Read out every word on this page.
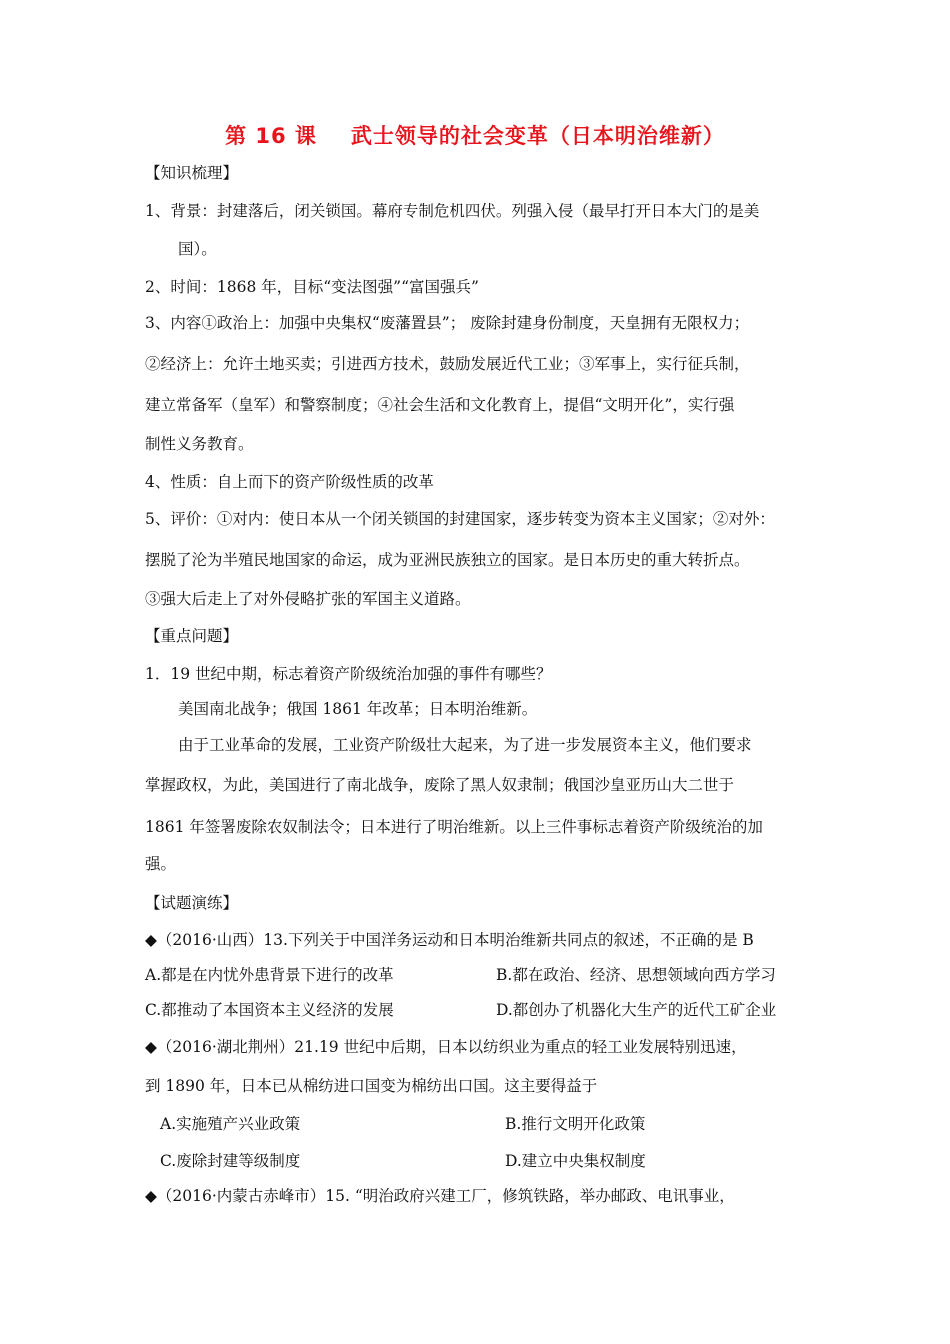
第 16 课 武士领导的社会变革（日本明治维新）
【知识梳理】
1、背景：封建落后，闭关锁国。幕府专制危机四伏。列强入侵（最早打开日本大门的是美
国）。
2、时间：1868 年，目标“变法图强”“富国强兵”
3、内容①政治上：加强中央集权“废藩置县”； 废除封建身份制度，天皇拥有无限权力；
②经济上：允许土地买卖；引进西方技术，鼓励发展近代工业；③军事上，实行征兵制，
建立常备军（皇军）和警察制度；④社会生活和文化教育上，提倡“文明开化”，实行强
制性义务教育。
4、性质：自上而下的资产阶级性质的改革
5、评价：①对内：使日本从一个闭关锁国的封建国家，逐步转变为资本主义国家；②对外：
摆脱了沦为半殖民地国家的命运，成为亚洲民族独立的国家。是日本历史的重大转折点。
③强大后走上了对外侵略扩张的军国主义道路。
【重点问题】
1．19 世纪中期，标志着资产阶级统治加强的事件有哪些？
美国南北战争；俄国 1861 年改革；日本明治维新。
由于工业革命的发展，工业资产阶级壮大起来，为了进一步发展资本主义，他们要求
掌握政权，为此，美国进行了南北战争，废除了黑人奴隶制；俄国沙皇亚历山大二世于
1861 年签署废除农奴制法令；日本进行了明治维新。以上三件事标志着资产阶级统治的加
强。
【试题演练】
◆（2016·山西）13.下列关于中国洋务运动和日本明治维新共同点的叙述，不正确的是 B
A.都是在内忧外患背景下进行的改革	B.都在政治、经济、思想领域向西方学习
C.都推动了本国资本主义经济的发展	D.都创办了机器化大生产的近代工矿企业
◆（2016·湖北荆州）21.19 世纪中后期，日本以纺织业为重点的轻工业发展特别迅速，
到 1890 年，日本已从棉纺进口国变为棉纺出口国。这主要得益于
A.实施殖产兴业政策	B.推行文明开化政策
C.废除封建等级制度	D.建立中央集权制度
◆（2016·内蒙古赤峰市）15. “明治政府兴建工厂，修筑铁路，举办邮政、电讯事业，
